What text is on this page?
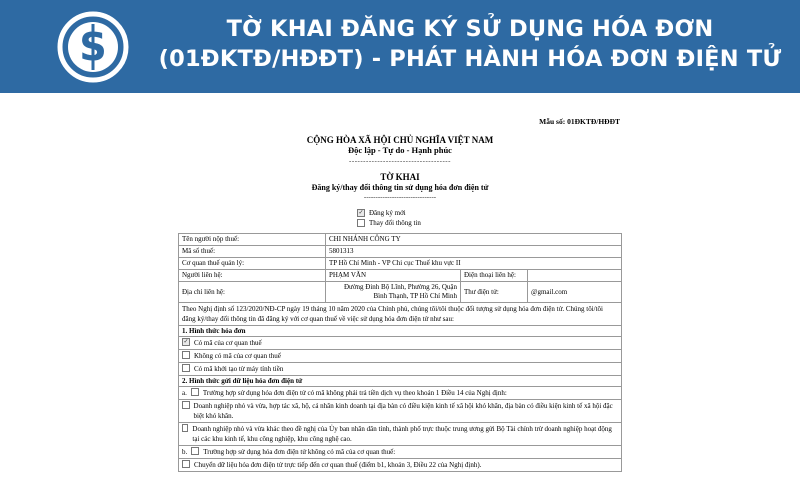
S	TỜ KHAI ĐĂNG KÝ SỬ DỤNG HÓA ĐƠN
(01ĐKTĐ/HĐĐT) - PHÁT HÀNH HÓA ĐƠN ĐIỆN TỬ
Mẫu số: 01ĐKTĐ/HĐĐT
CỘNG HÒA XÃ HỘI CHỦ NGHĨA VIỆT NAM
Độc lập - Tự do - Hạnh phúc
------------------------------------
TỜ KHAI
Đăng ký/thay đổi thông tin sử dụng hóa đơn điện tử
-------------------------------
✓
Đăng ký mới
Thay đổi thông tin
Tên người nộp thuế:	CHI NHÁNH CÔNG TY		
Mã số thuế:	5801313		
Cơ quan thuế quản lý:	TP Hồ Chí Minh - VP Chi cục Thuế khu vực II		
Người liên hệ:	PHẠM VĂN	Điện thoại liên hệ:	
Địa chỉ liên hệ:	Đường Đinh Bộ Lĩnh, Phường 26, Quận Bình Thạnh, TP Hồ Chí Minh	Thư điện tử:	@gmail.com
Theo Nghị định số 123/2020/NĐ-CP ngày 19 tháng 10 năm 2020 của Chính phủ, chúng tôi/tôi thuộc đối tượng sử dụng hóa đơn điện tử. Chúng tôi/tôi đăng ký/thay đổi thông tin đã đăng ký với cơ quan thuế về việc sử dụng hóa đơn điện tử như sau:			
1. Hình thức hóa đơn			

✓
Có mã của cơ quan thuế

Không có mã của cơ quan thuế			

Có mã khởi tạo từ máy tính tiền			

2. Hình thức gửi dữ liệu hóa đơn điện tử			

a. Trường hợp sử dụng hóa đơn điện tử có mã không phải trả tiền dịch vụ theo khoản 1 Điều 14 của Nghị định:			

Doanh nghiệp nhỏ và vừa, hợp tác xã, hộ, cá nhân kinh doanh tại địa bàn có điều kiện kinh tế xã hội khó khăn, địa bàn có điều kiện kinh tế xã hội đặc biệt khó khăn.			

Doanh nghiệp nhỏ và vừa khác theo đề nghị của Ủy ban nhân dân tỉnh, thành phố trực thuộc trung ương gửi Bộ Tài chính trừ doanh nghiệp hoạt động tại các khu kinh tế, khu công nghiệp, khu công nghệ cao.			

b. Trường hợp sử dụng hóa đơn điện tử không có mã của cơ quan thuế:			

Chuyển dữ liệu hóa đơn điện tử trực tiếp đến cơ quan thuế (điểm b1, khoản 3, Điều 22 của Nghị định).			
